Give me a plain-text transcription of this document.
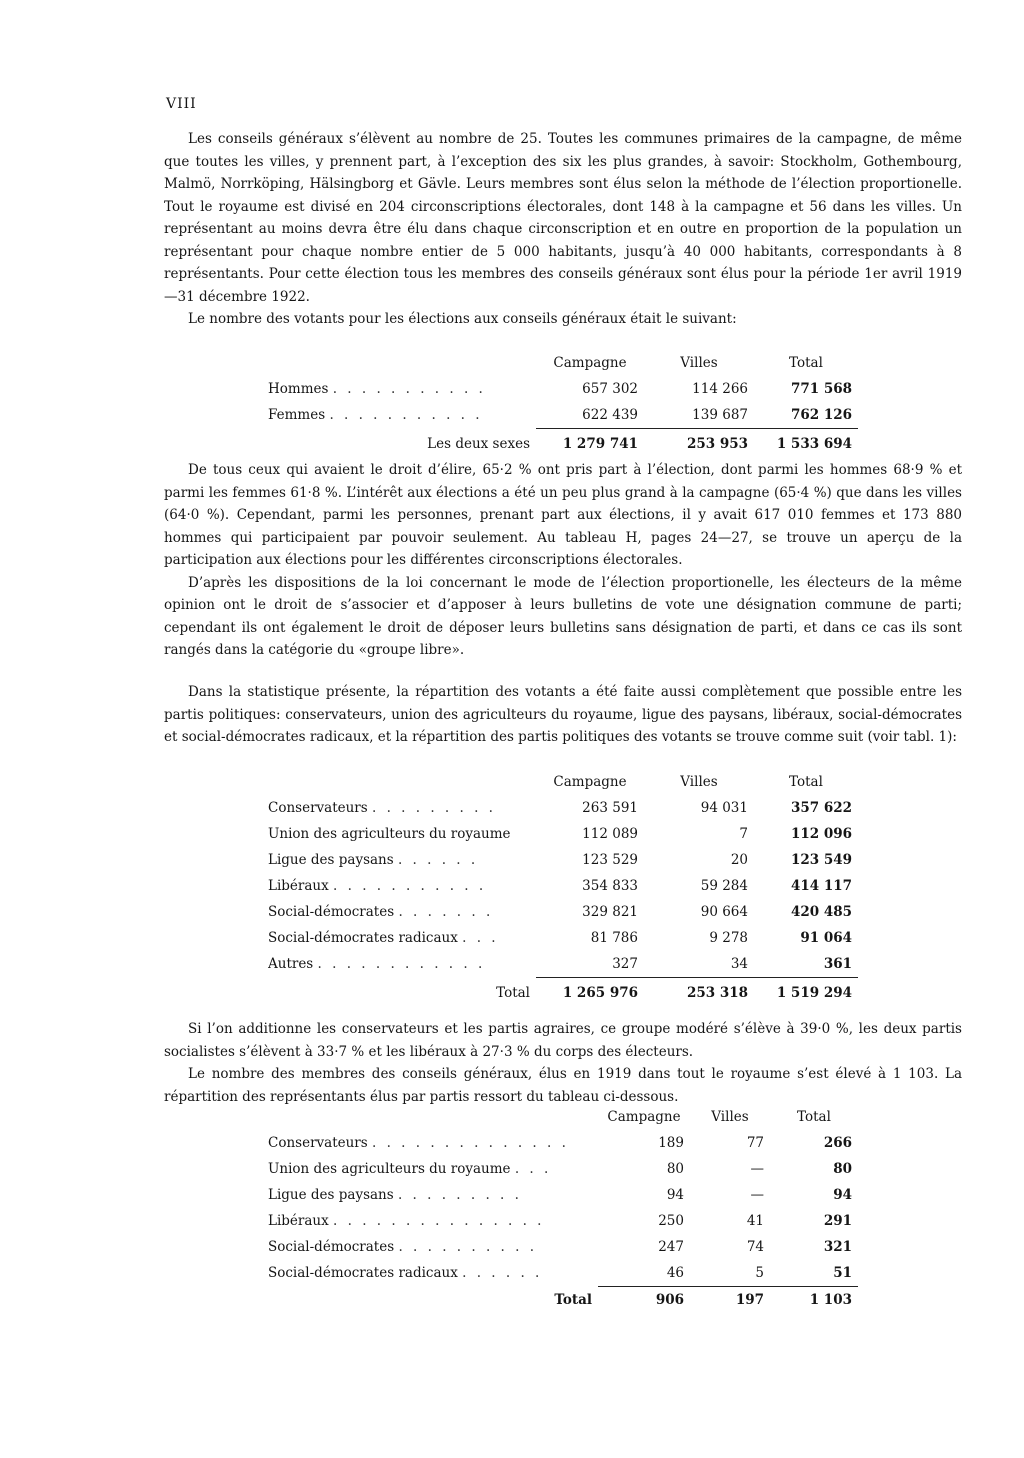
VIII

Les conseils généraux s’élèvent au nombre de 25. Toutes les communes primaires de la campagne, de même que toutes les villes, y prennent part, à l’exception des six les plus grandes, à savoir: Stockholm, Gothembourg, Malmö, Norrköping, Hälsingborg et Gävle. Leurs membres sont élus selon la méthode de l’élection proportionelle. Tout le royaume est divisé en 204 circonscriptions électorales, dont 148 à la campagne et 56 dans les villes. Un représentant au moins devra être élu dans chaque circonscription et en outre en proportion de la population un représentant pour chaque nombre entier de 5 000 habitants, jusqu’à 40 000 habitants, correspondants à 8 représentants. Pour cette élection tous les membres des conseils généraux sont élus pour la période 1er avril 1919—31 décembre 1922.

Le nombre des votants pour les élections aux conseils généraux était le suivant:

	Campagne	Villes	Total
Hommes . . . . . . . . . . .	657 302	114 266	771 568
Femmes . . . . . . . . . . .	622 439	139 687	762 126
Les deux sexes	1 279 741	253 953	1 533 694

De tous ceux qui avaient le droit d’élire, 65·2 % ont pris part à l’élection, dont parmi les hommes 68·9 % et parmi les femmes 61·8 %. L’intérêt aux élections a été un peu plus grand à la campagne (65·4 %) que dans les villes (64·0 %). Cependant, parmi les personnes, prenant part aux élections, il y avait 617 010 femmes et 173 880 hommes qui participaient par pouvoir seulement. Au tableau H, pages 24—27, se trouve un aperçu de la participation aux élections pour les différentes circonscriptions électorales.

D’après les dispositions de la loi concernant le mode de l’élection proportionelle, les électeurs de la même opinion ont le droit de s’associer et d’apposer à leurs bulletins de vote une désignation commune de parti; cependant ils ont également le droit de déposer leurs bulletins sans désignation de parti, et dans ce cas ils sont rangés dans la catégorie du «groupe libre».

Dans la statistique présente, la répartition des votants a été faite aussi complètement que possible entre les partis politiques: conservateurs, union des agriculteurs du royaume, ligue des paysans, libéraux, social-démocrates et social-démocrates radicaux, et la répartition des partis politiques des votants se trouve comme suit (voir tabl. 1):

	Campagne	Villes	Total
Conservateurs . . . . . . . . .	263 591	94 031	357 622
Union des agriculteurs du royaume	112 089	7	112 096
Ligue des paysans . . . . . .	123 529	20	123 549
Libéraux . . . . . . . . . . .	354 833	59 284	414 117
Social-démocrates . . . . . . .	329 821	90 664	420 485
Social-démocrates radicaux . . .	81 786	9 278	91 064
Autres . . . . . . . . . . . .	327	34	361
Total	1 265 976	253 318	1 519 294

Si l’on additionne les conservateurs et les partis agraires, ce groupe modéré s’élève à 39·0 %, les deux partis socialistes s’élèvent à 33·7 % et les libéraux à 27·3 % du corps des électeurs.

Le nombre des membres des conseils généraux, élus en 1919 dans tout le royaume s’est élevé à 1 103. La répartition des représentants élus par partis ressort du tableau ci-dessous.

	Campagne	Villes	Total
Conservateurs . . . . . . . . . . . . . .	189	77	266
Union des agriculteurs du royaume . . .	80	—	80
Ligue des paysans . . . . . . . . .	94	—	94
Libéraux . . . . . . . . . . . . . . .	250	41	291
Social-démocrates . . . . . . . . . .	247	74	321
Social-démocrates radicaux . . . . . .	46	5	51
Total	906	197	1 103
